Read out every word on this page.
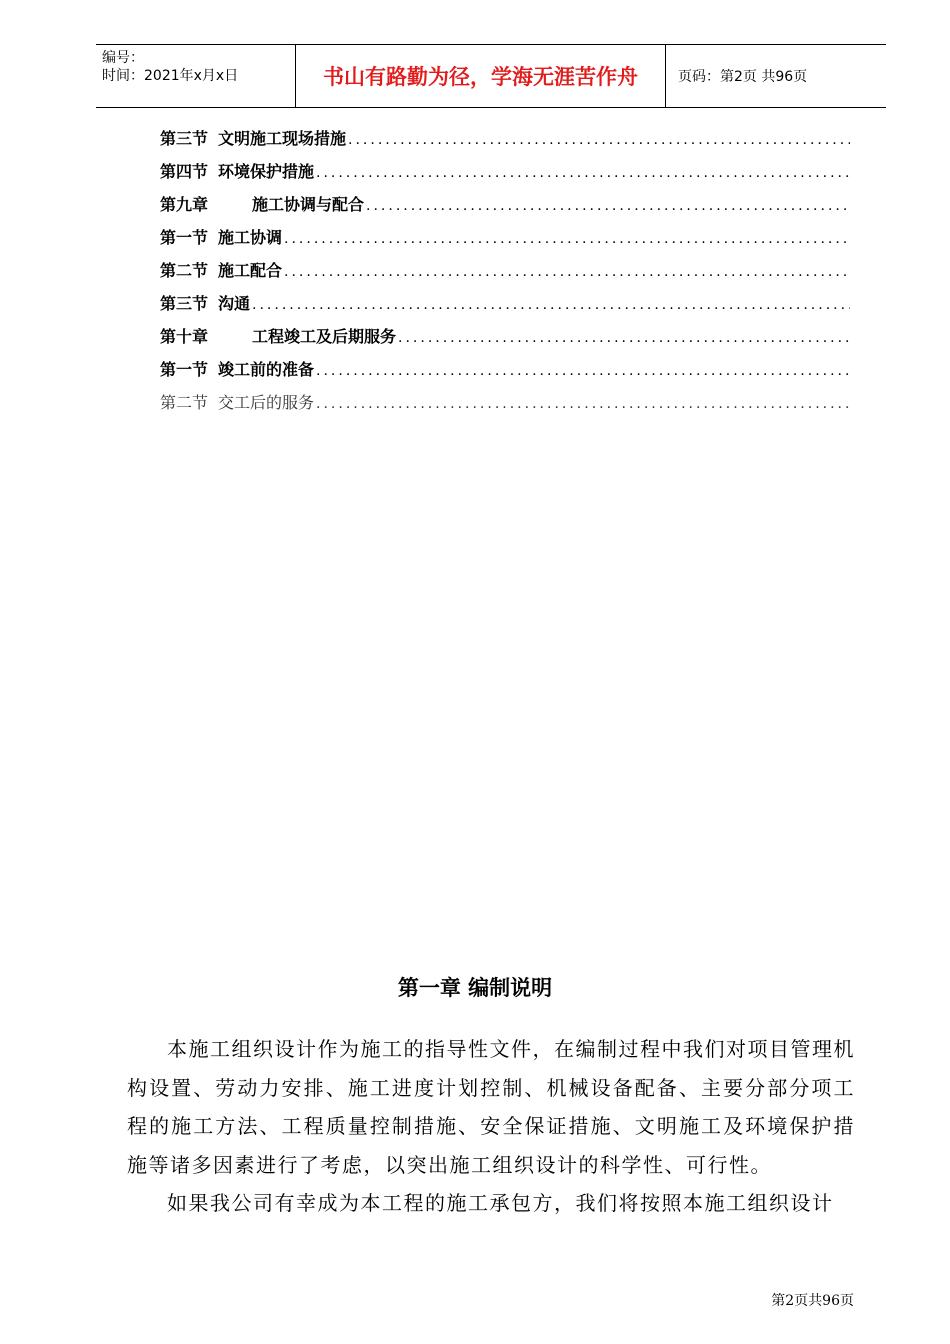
编号：
时间：2021年x月x日	书山有路勤为径，学海无涯苦作舟	页码：第2页 共96页
第三节 文明施工现场措施
.....
第四节 环境保护措施
.....
第九章	施工协调与配合
.....
第一节 施工协调
.....
第二节 施工配合
.....
第三节 沟通
.....
第十章	工程竣工及后期服务
.....
第一节 竣工前的准备
.....
第二节 交工后的服务
.....
第一章 编制说明

本施工组织设计作为施工的指导性文件，在编制过程中我们对项目管理机构设置、劳动力安排、施工进度计划控制、机械设备配备、主要分部分项工程的施工方法、工程质量控制措施、安全保证措施、文明施工及环境保护措施等诸多因素进行了考虑，以突出施工组织设计的科学性、可行性。

如果我公司有幸成为本工程的施工承包方，我们将按照本施工组织设计

第2页共96页
